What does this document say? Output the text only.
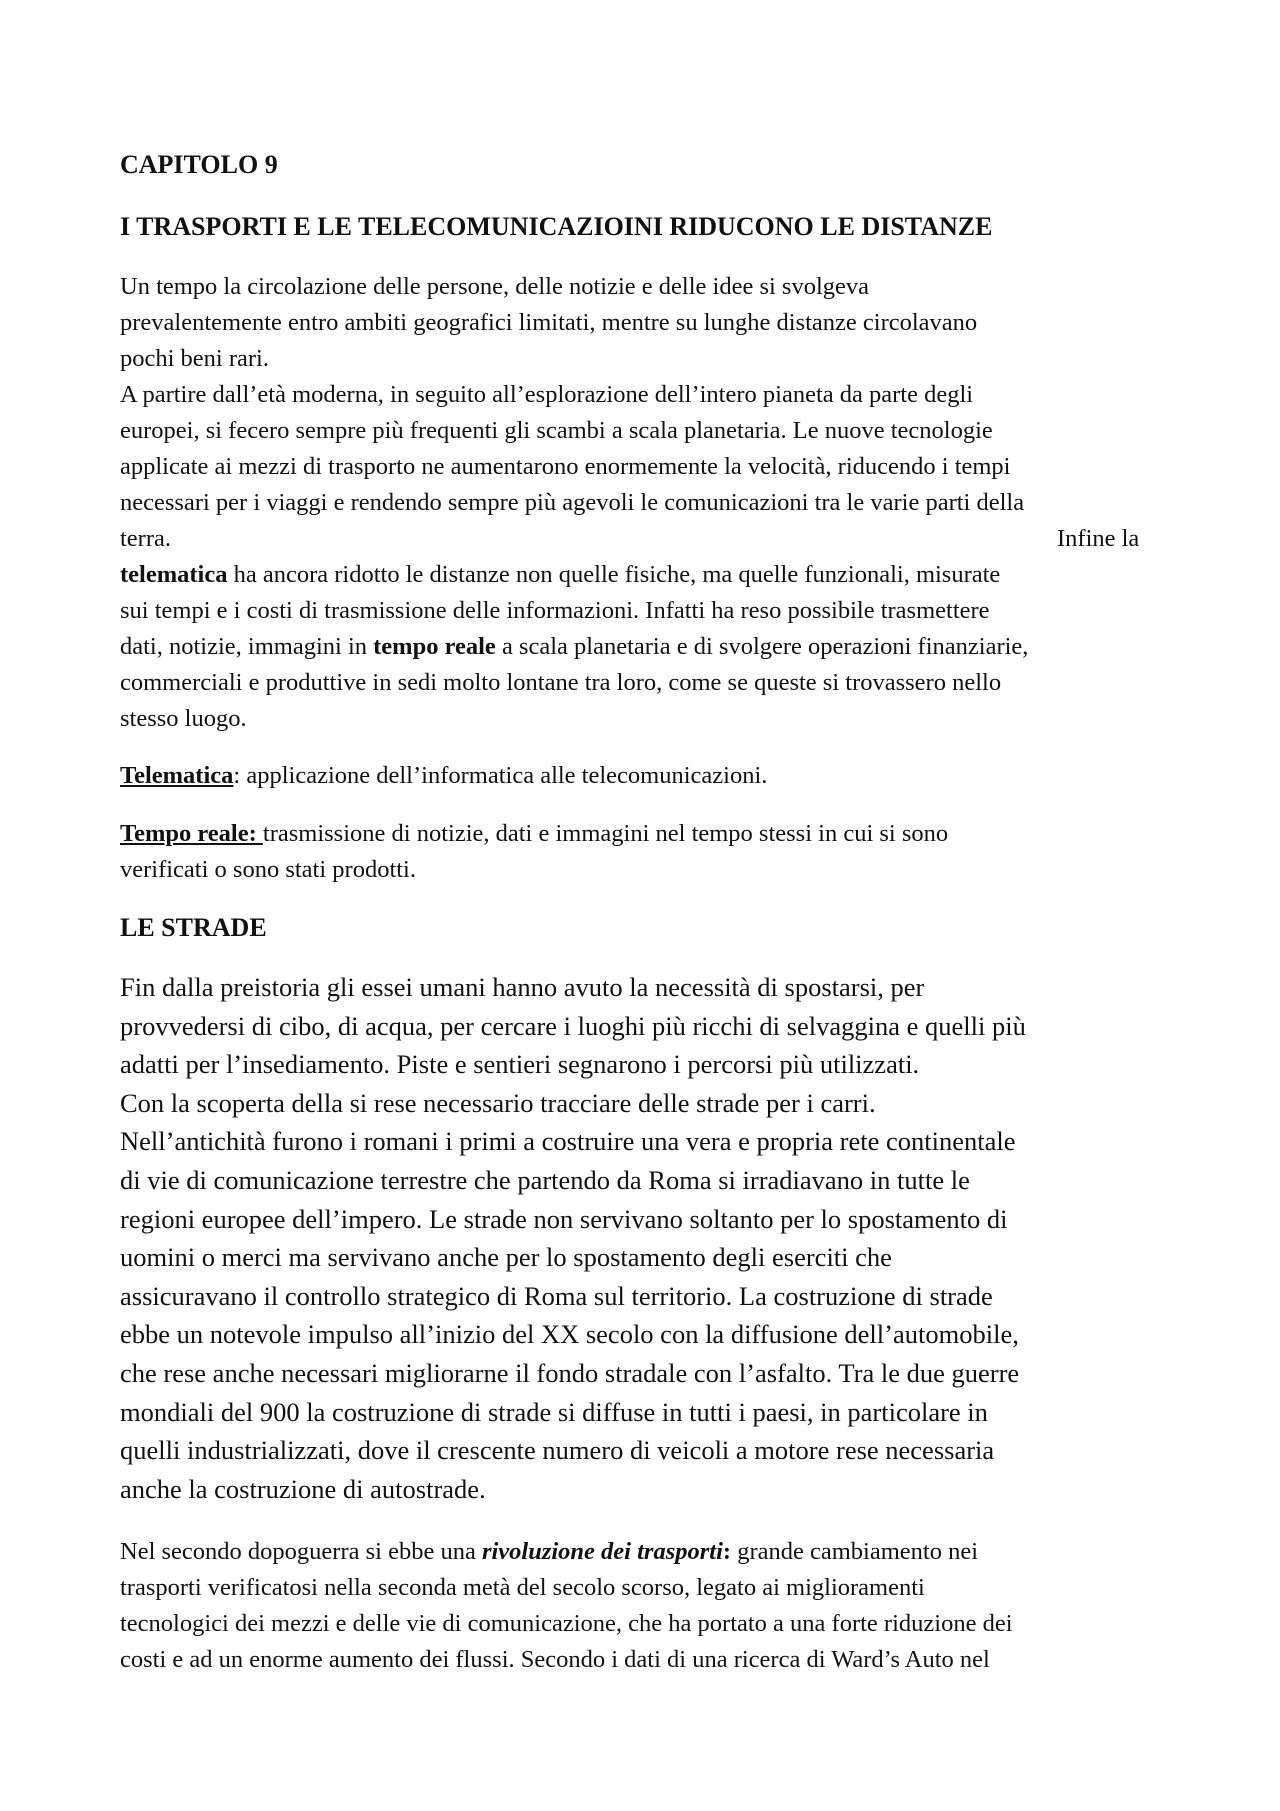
CAPITOLO 9
I TRASPORTI E LE TELECOMUNICAZIOINI RIDUCONO LE DISTANZE

Un tempo la circolazione delle persone, delle notizie e delle idee si svolgeva

prevalentemente entro ambiti geografici limitati, mentre su lunghe distanze circolavano

pochi beni rari.

A partire dall’età moderna, in seguito all’esplorazione dell’intero pianeta da parte degli

europei, si fecero sempre più frequenti gli scambi a scala planetaria. Le nuove tecnologie

applicate ai mezzi di trasporto ne aumentarono enormemente la velocità, riducendo i tempi

necessari per i viaggi e rendendo sempre più agevoli le comunicazioni tra le varie parti della

terra.	Infine la

telematica ha ancora ridotto le distanze non quelle fisiche, ma quelle funzionali, misurate

sui tempi e i costi di trasmissione delle informazioni. Infatti ha reso possibile trasmettere

dati, notizie, immagini in tempo reale a scala planetaria e di svolgere operazioni finanziarie,

commerciali e produttive in sedi molto lontane tra loro, come se queste si trovassero nello

stesso luogo.

Telematica: applicazione dell’informatica alle telecomunicazioni.

Tempo reale: trasmissione di notizie, dati e immagini nel tempo stessi in cui si sono

verificati o sono stati prodotti.

LE STRADE

Fin dalla preistoria gli essei umani hanno avuto la necessità di spostarsi, per

provvedersi di cibo, di acqua, per cercare i luoghi più ricchi di selvaggina e quelli più

adatti per l’insediamento. Piste e sentieri segnarono i percorsi più utilizzati.

Con la scoperta della si rese necessario tracciare delle strade per i carri.

Nell’antichità furono i romani i primi a costruire una vera e propria rete continentale

di vie di comunicazione terrestre che partendo da Roma si irradiavano in tutte le

regioni europee dell’impero. Le strade non servivano soltanto per lo spostamento di

uomini o merci ma servivano anche per lo spostamento degli eserciti che

assicuravano il controllo strategico di Roma sul territorio. La costruzione di strade

ebbe un notevole impulso all’inizio del XX secolo con la diffusione dell’automobile,

che rese anche necessari migliorarne il fondo stradale con l’asfalto. Tra le due guerre

mondiali del 900 la costruzione di strade si diffuse in tutti i paesi, in particolare in

quelli industrializzati, dove il crescente numero di veicoli a motore rese necessaria

anche la costruzione di autostrade.

Nel secondo dopoguerra si ebbe una rivoluzione dei trasporti: grande cambiamento nei

trasporti verificatosi nella seconda metà del secolo scorso, legato ai miglioramenti

tecnologici dei mezzi e delle vie di comunicazione, che ha portato a una forte riduzione dei

costi e ad un enorme aumento dei flussi. Secondo i dati di una ricerca di Ward’s Auto nel
